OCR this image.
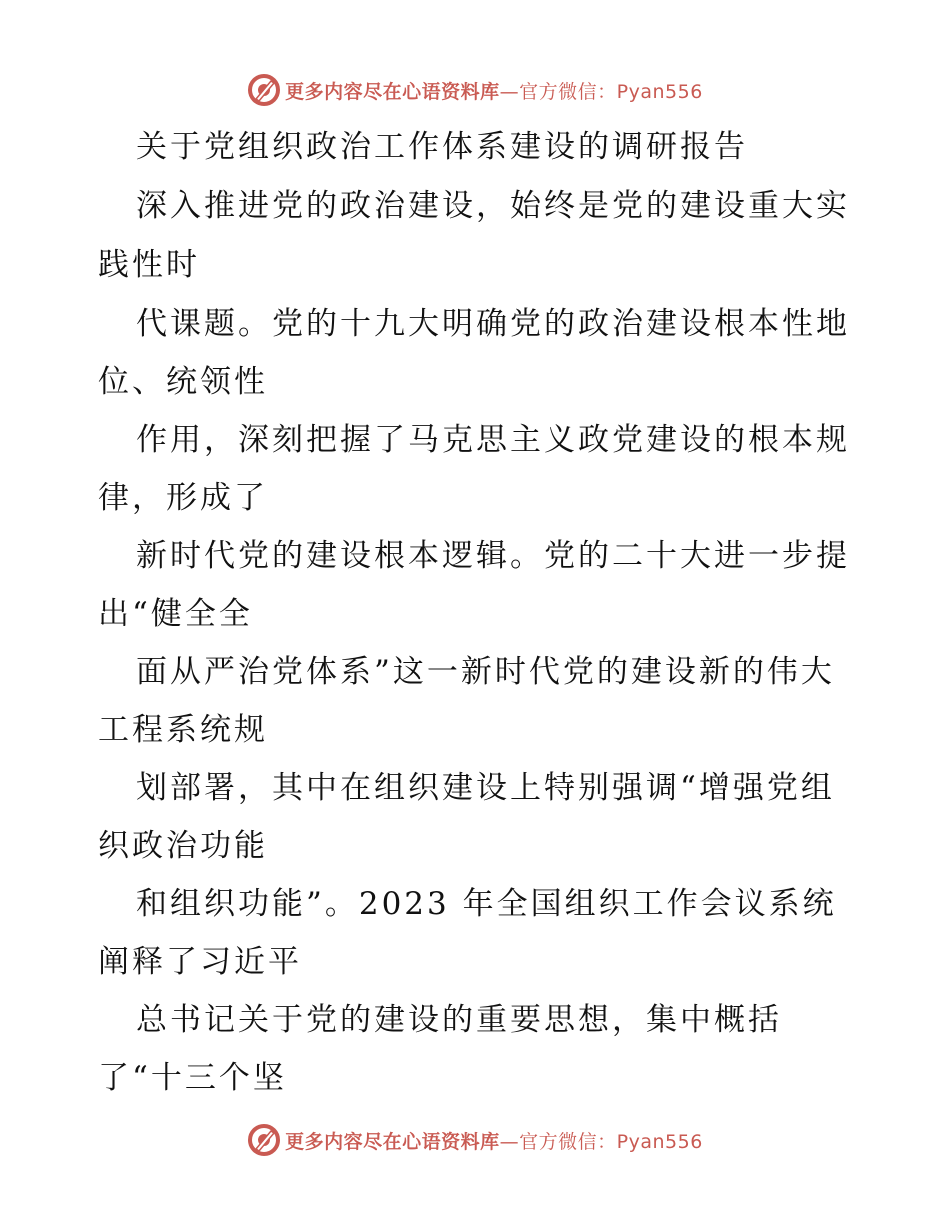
更多内容尽在心语资料库—官方微信：Pyan556
关于党组织政治工作体系建设的调研报告
深入推进党的政治建设，始终是党的建设重大实
践性时
代课题。党的十九大明确党的政治建设根本性地
位、统领性
作用，深刻把握了马克思主义政党建设的根本规
律，形成了
新时代党的建设根本逻辑。党的二十大进一步提
出“健全全
面从严治党体系”这一新时代党的建设新的伟大
工程系统规
划部署，其中在组织建设上特别强调“增强党组
织政治功能
和组织功能”。2023 年全国组织工作会议系统
阐释了习近平
总书记关于党的建设的重要思想，集中概括
了“十三个坚
更多内容尽在心语资料库—官方微信：Pyan556
